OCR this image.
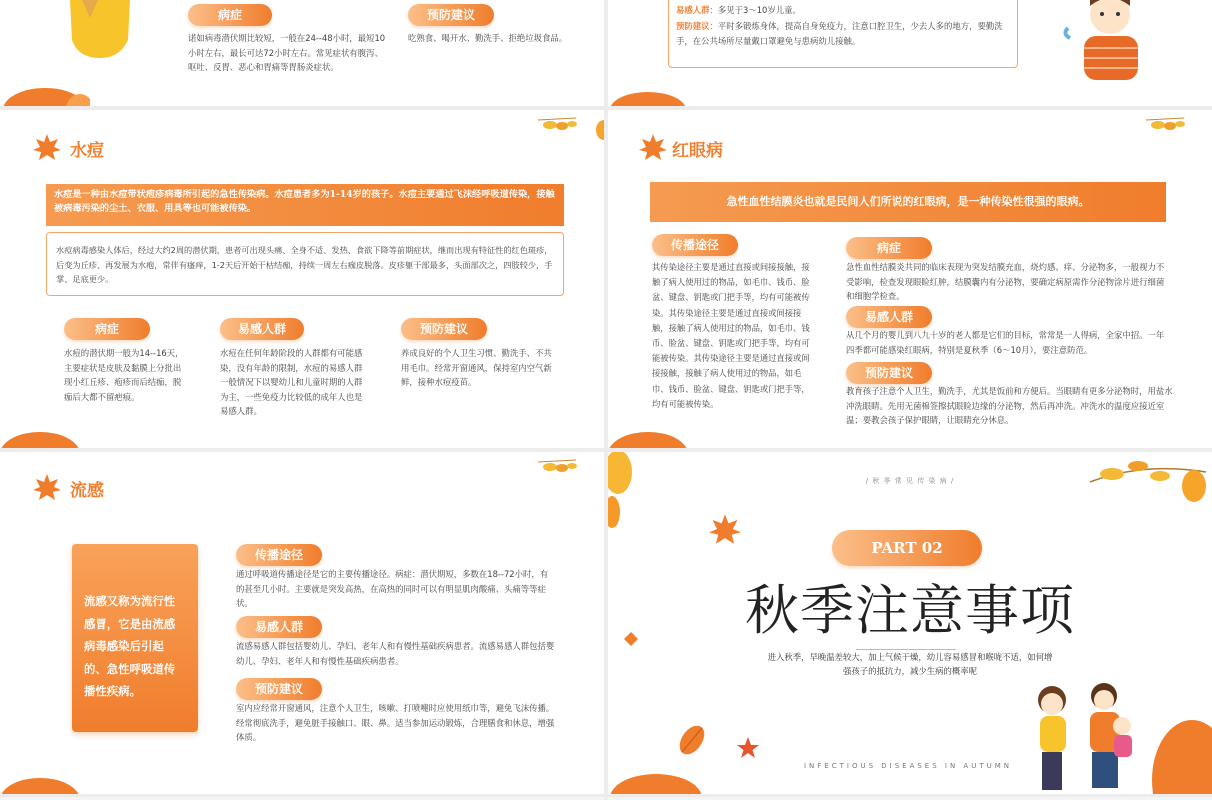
病症	预防建议
诺如病毒潜伏期比较短，一般在24--48小时，最短10小时左右，最长可达72小时左右。常见症状有腹泻、呕吐、反胃、恶心和胃痛等胃肠炎症状。
吃熟食、喝开水、勤洗手、拒绝垃圾食品。
易感人群：多见于3～10岁儿童。
预防建议：平时多锻炼身体，提高自身免疫力，注意口腔卫生，少去人多的地方，要勤洗手，在公共场所尽量戴口罩避免与患病幼儿接触。
水痘
水痘是一种由水痘带状疱疹病毒所引起的急性传染病。水痘患者多为1-14岁的孩子。水痘主要通过飞沫经呼吸道传染，接触被病毒污染的尘土、衣服、用具等也可能被传染。
水痘病毒感染人体后，经过大约2周的潜伏期，患者可出现头痛、全身不适、发热、食欲下降等前期症状，继而出现有特征性的红色斑疹，后变为丘疹、再发展为水疱，常伴有瘙痒，1-2天后开始干枯结痂，持续一周左右痂皮脱落。皮疹躯干部最多，头面部次之，四肢较少，手掌、足底更少。
病症	易感人群	预防建议
水痘的潜伏期一般为14--16天，主要症状是皮肤及黏膜上分批出现小红丘疹、疱疹而后结痂，脱痂后大都不留疤痕。
水痘在任何年龄阶段的人群都有可能感染，没有年龄的限制，水痘的易感人群一般情况下以婴幼儿和儿童时期的人群为主，一些免疫力比较低的成年人也是易感人群。
养成良好的个人卫生习惯、勤洗手、不共用毛巾。经常开窗通风，保持室内空气新鲜，接种水痘疫苗。
红眼病
急性血性结膜炎也就是民间人们所说的红眼病，是一种传染性很强的眼病。
传播途径
其传染途径主要是通过直接或间接接触，接触了病人使用过的物品，如毛巾、钱币、脸盆、键盘、钥匙或门把手等，均有可能被传染。其传染途径主要是通过直接或间接接触，接触了病人使用过的物品，如毛巾、钱币、脸盆、键盘、钥匙或门把手等，均有可能被传染。其传染途径主要是通过直接或间接接触，接触了病人使用过的物品，如毛巾、钱币、脸盆、键盘、钥匙或门把手等，均有可能被传染。
病症
急性血性结膜炎共同的临床表现为突发结膜充血，烧灼感、痒、分泌物多，一般视力不受影响，检查发现眼睑红肿，结膜囊内有分泌物，要确定病原需作分泌物涂片进行细菌和细胞学检查。
易感人群
从几个月的婴儿到八九十岁的老人都是它们的目标，常常是一人得病，全家中招。一年四季都可能感染红眼病，特别是夏秋季（6～10月），要注意防范。
预防建议
教育孩子注意个人卫生，勤洗手，尤其是饭前和方便后。当眼睛有更多分泌物时，用盐水冲洗眼睛。先用无菌棉签擦拭眼睑边缘的分泌物，然后再冲洗。冲洗水的温度应接近室温；要教会孩子保护眼睛，让眼睛充分休息。
流感
流感又称为流行性感冒，它是由流感病毒感染后引起的、急性呼吸道传播性疾病。
传播途径
通过呼吸道传播途径是它的主要传播途径。病症：潜伏期短，多数在18--72小时，有的甚至几小时。主要就是突发高热，在高热的同时可以有明显肌肉酸痛、头痛等等症状。
易感人群
流感易感人群包括婴幼儿、孕妇、老年人和有慢性基础疾病患者。流感易感人群包括婴幼儿、孕妇、老年人和有慢性基础疾病患者。
预防建议
室内应经常开窗通风，注意个人卫生，咳嗽、打喷嚏时应使用纸巾等，避免飞沫传播。经常彻底洗手，避免脏手接触口、眼、鼻。适当参加运动锻炼，合理膳食和休息，增强体质。
/ 秋 季 常 见 传 染 病 /
PART 02
秋季注意事项
进入秋季，早晚温差较大，加上气候干燥，幼儿容易感冒和喉咙不适，如何增
强孩子的抵抗力，减少生病的概率呢
INFECTIOUS DISEASES IN AUTUMN
